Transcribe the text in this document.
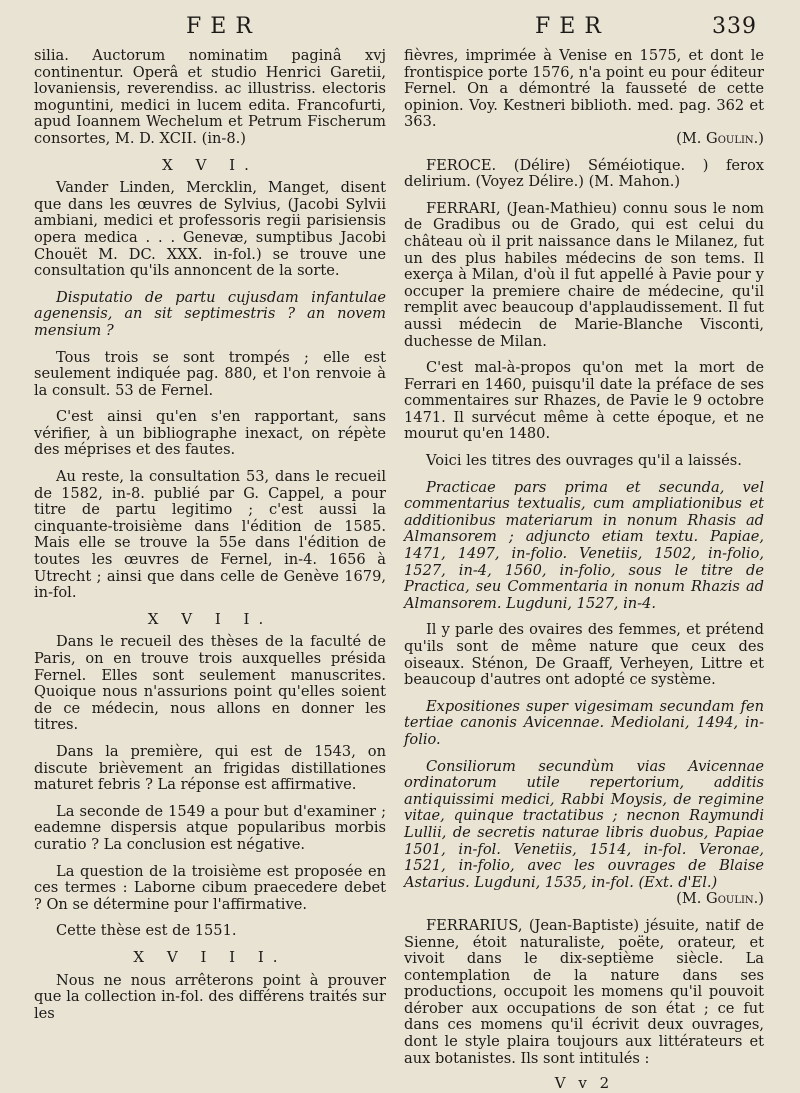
FER	FER	339

silia. Auctorum nominatim paginâ xvj continentur. Operâ et studio Henrici Garetii, lovaniensis, reverendiss. ac illustriss. electoris moguntini, medici in lucem edita. Francofurti, apud Ioannem Wechelum et Petrum Fischerum consortes, M. D. XCII. (in-8.)

X V I.

Vander Linden, Mercklin, Manget, disent que dans les œuvres de Sylvius, (Jacobi Sylvii ambiani, medici et professoris regii parisiensis opera medica . . . Genevæ, sumptibus Jacobi Chouët M. DC. XXX. in-fol.) se trouve une consultation qu'ils annoncent de la sorte.

Disputatio de partu cujusdam infantulae agenensis, an sit septimestris ? an novem mensium ?

Tous trois se sont trompés ; elle est seulement indiquée pag. 880, et l'on renvoie à la consult. 53 de Fernel.

C'est ainsi qu'en s'en rapportant, sans vérifier, à un bibliographe inexact, on répète des méprises et des fautes.

Au reste, la consultation 53, dans le recueil de 1582, in-8. publié par G. Cappel, a pour titre de partu legitimo ; c'est aussi la cinquante-troisième dans l'édition de 1585. Mais elle se trouve la 55e dans l'édition de toutes les œuvres de Fernel, in-4. 1656 à Utrecht ; ainsi que dans celle de Genève 1679, in-fol.

X V I I.

Dans le recueil des thèses de la faculté de Paris, on en trouve trois auxquelles présida Fernel. Elles sont seulement manuscrites. Quoique nous n'assurions point qu'elles soient de ce médecin, nous allons en donner les titres.

Dans la première, qui est de 1543, on discute brièvement an frigidas distillationes maturet febris ? La réponse est affirmative.

La seconde de 1549 a pour but d'examiner ; eademne dispersis atque popularibus morbis curatio ? La conclusion est négative.

La question de la troisième est proposée en ces termes : Laborne cibum praecedere debet ? On se détermine pour l'affirmative.

Cette thèse est de 1551.

X V I I I.

Nous ne nous arrêterons point à prouver que la collection in-fol. des différens traités sur les

fièvres, imprimée à Venise en 1575, et dont le frontispice porte 1576, n'a point eu pour éditeur Fernel. On a démontré la fausseté de cette opinion. Voy. Kestneri biblioth. med. pag. 362 et 363.

(M. Goulin.)

FEROCE. (Délire) Séméiotique. ) ferox delirium. (Voyez Délire.) (M. Mahon.)

FERRARI, (Jean-Mathieu) connu sous le nom de Gradibus ou de Grado, qui est celui du château où il prit naissance dans le Milanez, fut un des plus habiles médecins de son tems. Il exerça à Milan, d'où il fut appellé à Pavie pour y occuper la premiere chaire de médecine, qu'il remplit avec beaucoup d'applaudissement. Il fut aussi médecin de Marie-Blanche Visconti, duchesse de Milan.

C'est mal-à-propos qu'on met la mort de Ferrari en 1460, puisqu'il date la préface de ses commentaires sur Rhazes, de Pavie le 9 octobre 1471. Il survécut même à cette époque, et ne mourut qu'en 1480.

Voici les titres des ouvrages qu'il a laissés.

Practicae pars prima et secunda, vel commentarius textualis, cum ampliationibus et additionibus materiarum in nonum Rhasis ad Almansorem ; adjuncto etiam textu. Papiae, 1471, 1497, in-folio. Venetiis, 1502, in-folio, 1527, in-4, 1560, in-folio, sous le titre de Practica, seu Commentaria in nonum Rhazis ad Almansorem. Lugduni, 1527, in-4.

Il y parle des ovaires des femmes, et prétend qu'ils sont de même nature que ceux des oiseaux. Sténon, De Graaff, Verheyen, Littre et beaucoup d'autres ont adopté ce système.

Expositiones super vigesimam secundam fen tertiae canonis Avicennae. Mediolani, 1494, in-folio.

Consiliorum secundùm vias Avicennae ordinatorum utile repertorium, additis antiquissimi medici, Rabbi Moysis, de regimine vitae, quinque tractatibus ; necnon Raymundi Lullii, de secretis naturae libris duobus, Papiae 1501, in-fol. Venetiis, 1514, in-fol. Veronae, 1521, in-folio, avec les ouvrages de Blaise Astarius. Lugduni, 1535, in-fol. (Ext. d'El.)

(M. Goulin.)

FERRARIUS, (Jean-Baptiste) jésuite, natif de Sienne, étoit naturaliste, poëte, orateur, et vivoit dans le dix-septième siècle. La contemplation de la nature dans ses productions, occupoit les momens qu'il pouvoit dérober aux occupations de son état ; ce fut dans ces momens qu'il écrivit deux ouvrages, dont le style plaira toujours aux littérateurs et aux botanistes. Ils sont intitulés :

V v 2
